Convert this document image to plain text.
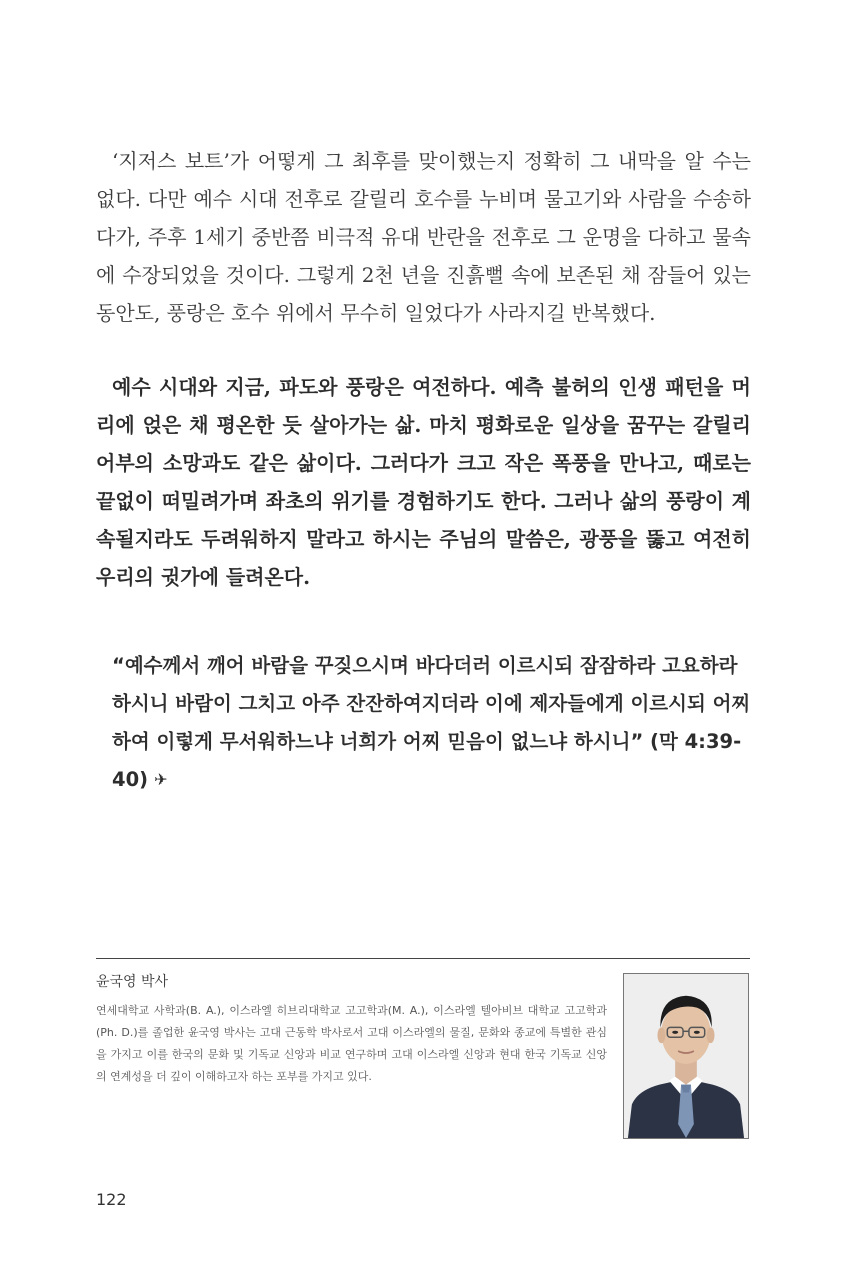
‘지저스 보트’가 어떻게 그 최후를 맞이했는지 정확히 그 내막을 알 수는 없다. 다만 예수 시대 전후로 갈릴리 호수를 누비며 물고기와 사람을 수송하다가, 주후 1세기 중반쯤 비극적 유대 반란을 전후로 그 운명을 다하고 물속에 수장되었을 것이다. 그렇게 2천 년을 진흙뻘 속에 보존된 채 잠들어 있는 동안도, 풍랑은 호수 위에서 무수히 일었다가 사라지길 반복했다.

예수 시대와 지금, 파도와 풍랑은 여전하다. 예측 불허의 인생 패턴을 머리에 얹은 채 평온한 듯 살아가는 삶. 마치 평화로운 일상을 꿈꾸는 갈릴리 어부의 소망과도 같은 삶이다. 그러다가 크고 작은 폭풍을 만나고, 때로는 끝없이 떠밀려가며 좌초의 위기를 경험하기도 한다. 그러나 삶의 풍랑이 계속될지라도 두려워하지 말라고 하시는 주님의 말씀은, 광풍을 뚫고 여전히 우리의 귓가에 들려온다.

“예수께서 깨어 바람을 꾸짖으시며 바다더러 이르시되 잠잠하라 고요하라 하시니 바람이 그치고 아주 잔잔하여지더라 이에 제자들에게 이르시되 어찌하여 이렇게 무서워하느냐 너희가 어찌 믿음이 없느냐 하시니” (막 4:39-40) ✈

윤국영 박사

연세대학교 사학과(B. A.), 이스라엘 히브리대학교 고고학과(M. A.), 이스라엘 텔아비브 대학교 고고학과(Ph. D.)를 졸업한 윤국영 박사는 고대 근동학 박사로서 고대 이스라엘의 물질, 문화와 종교에 특별한 관심을 가지고 이를 한국의 문화 및 기독교 신앙과 비교 연구하며 고대 이스라엘 신앙과 현대 한국 기독교 신앙의 연계성을 더 깊이 이해하고자 하는 포부를 가지고 있다.

122
